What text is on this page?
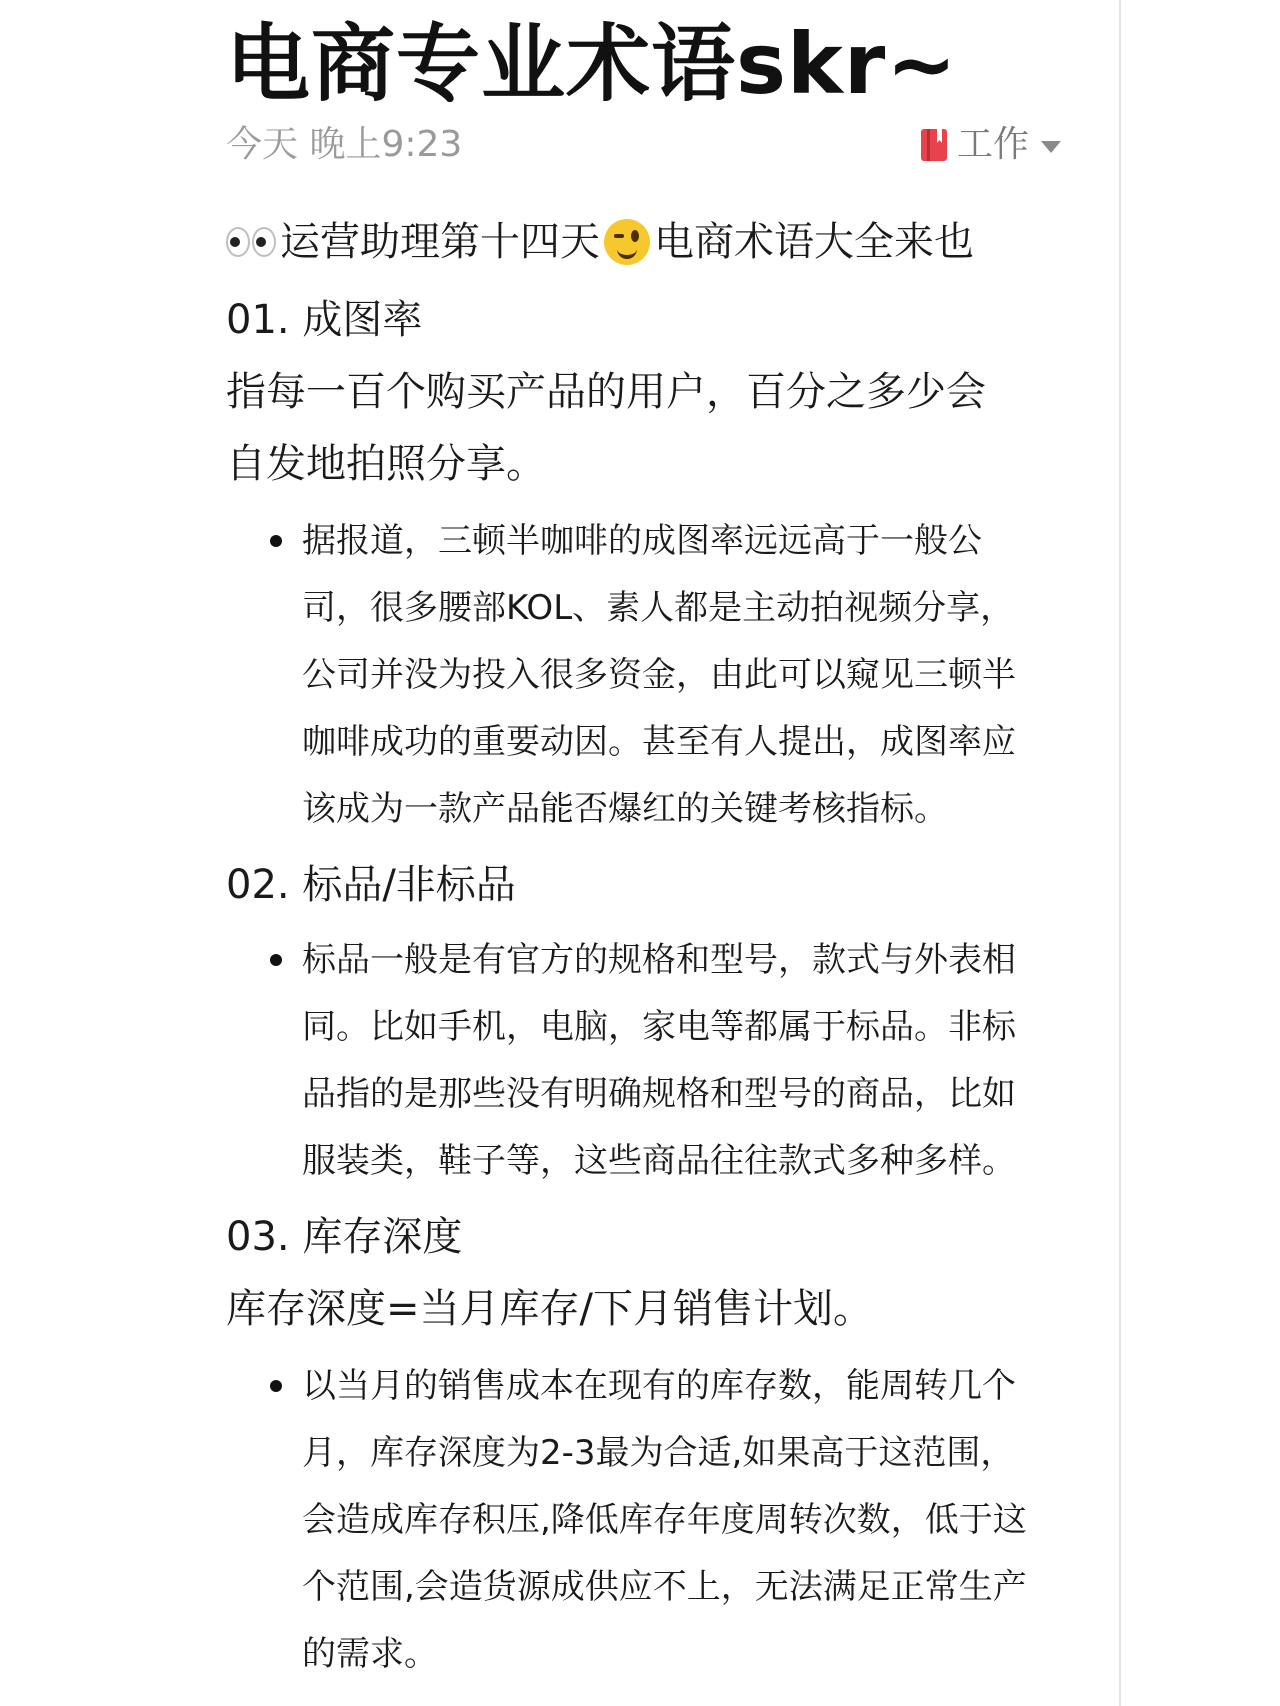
电商专业术语skr~
今天 晚上9:23	工作
运营助理第十四天 电商术语大全来也
01. 成图率
指每一百个购买产品的用户，百分之多少会
自发地拍照分享。
据报道，三顿半咖啡的成图率远远高于一般公
司，很多腰部KOL、素人都是主动拍视频分享，
公司并没为投入很多资金，由此可以窥见三顿半
咖啡成功的重要动因。甚至有人提出，成图率应
该成为一款产品能否爆红的关键考核指标。
02. 标品/非标品
标品一般是有官方的规格和型号，款式与外表相
同。比如手机，电脑，家电等都属于标品。非标
品指的是那些没有明确规格和型号的商品，比如
服装类，鞋子等，这些商品往往款式多种多样。
03. 库存深度
库存深度=当月库存/下月销售计划。
以当月的销售成本在现有的库存数，能周转几个
月，库存深度为2-3最为合适,如果高于这范围，
会造成库存积压,降低库存年度周转次数，低于这
个范围,会造货源成供应不上，无法满足正常生产
的需求。
